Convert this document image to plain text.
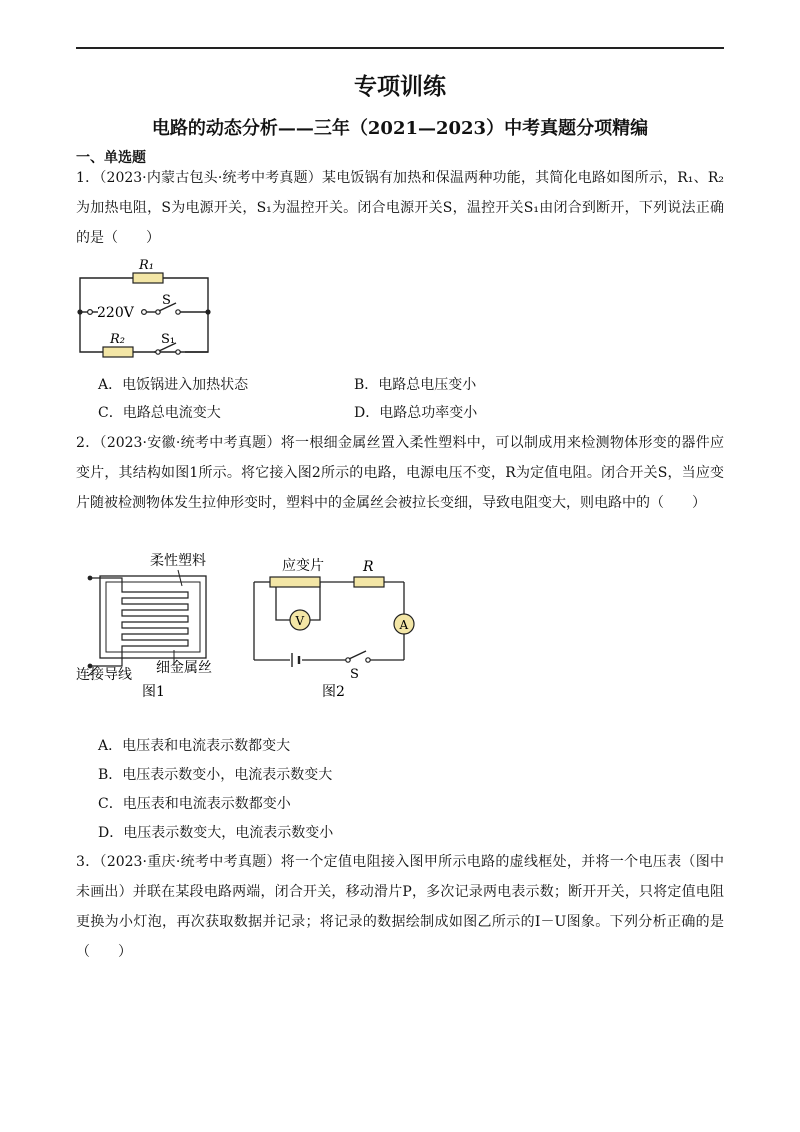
专项训练
电路的动态分析——三年（2021—2023）中考真题分项精编
一、单选题
1．（2023·内蒙古包头·统考中考真题）某电饭锅有加热和保温两种功能，其简化电路如图所示，R₁、R₂为加热电阻，S为电源开关，S₁为温控开关。闭合电源开关S，温控开关S₁由闭合到断开，下列说法正确的是（　　）
R₁
220V
S
R₂	S₁
A．电饭锅进入加热状态	B．电路总电压变小
C．电路总电流变大	D．电路总功率变小
2．（2023·安徽·统考中考真题）将一根细金属丝置入柔性塑料中，可以制成用来检测物体形变的器件应变片，其结构如图1所示。将它接入图2所示的电路，电源电压不变，R为定值电阻。闭合开关S，当应变片随被检测物体发生拉伸形变时，塑料中的金属丝会被拉长变细，导致电阻变大，则电路中的（　　）
柔性塑料
连接导线 细金属丝
图1
V	A
应变片	R
S
图2
A．电压表和电流表示数都变大
B．电压表示数变小，电流表示数变大
C．电压表和电流表示数都变小
D．电压表示数变大，电流表示数变小
3．（2023·重庆·统考中考真题）将一个定值电阻接入图甲所示电路的虚线框处，并将一个电压表（图中未画出）并联在某段电路两端，闭合开关，移动滑片P，多次记录两电表示数；断开开关，只将定值电阻更换为小灯泡，再次获取数据并记录；将记录的数据绘制成如图乙所示的I－U图象。下列分析正确的是（　　）
